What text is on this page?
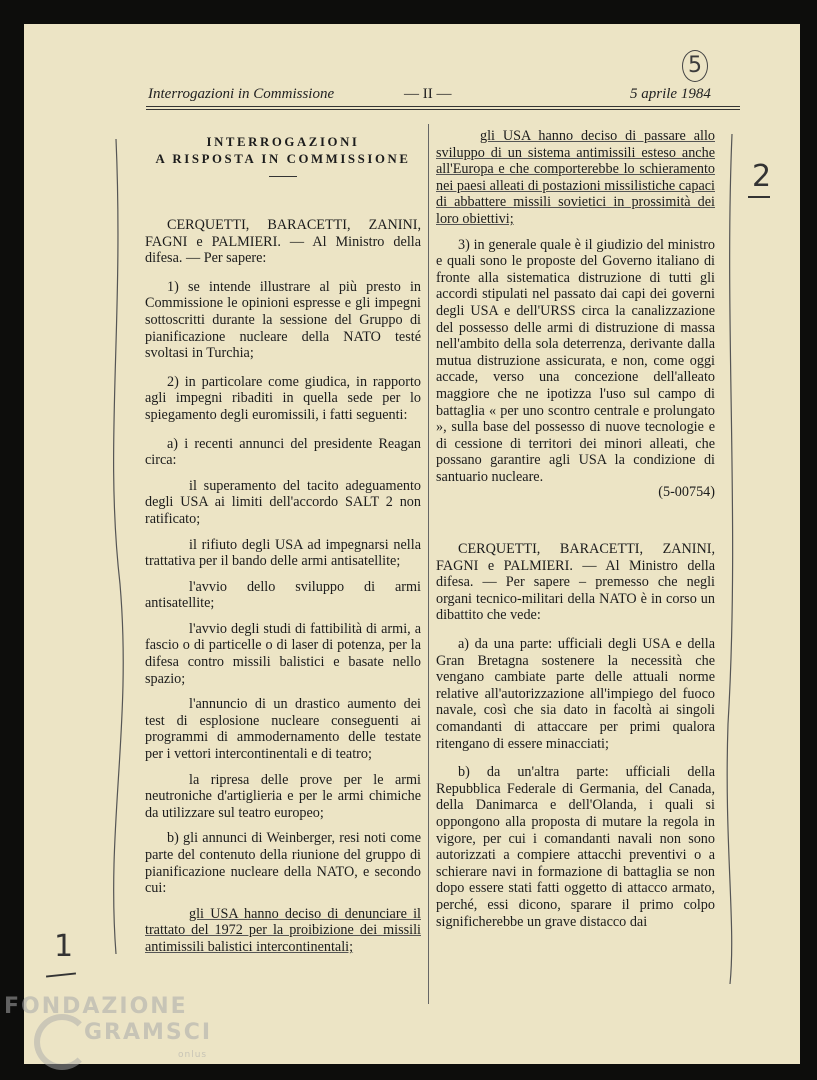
Interrogazioni in Commissione	— II —	5 aprile 1984
5
INTERROGAZIONI
A RISPOSTA IN COMMISSIONE

CERQUETTI, BARACETTI, ZANINI, FAGNI e PALMIERI. — Al Ministro della difesa. — Per sapere:

1) se intende illustrare al più presto in Commissione le opinioni espresse e gli impegni sottoscritti durante la sessione del Gruppo di pianificazione nucleare della NATO testé svoltasi in Turchia;

2) in particolare come giudica, in rapporto agli impegni ribaditi in quella sede per lo spiegamento degli euromissili, i fatti seguenti:

a) i recenti annunci del presidente Reagan circa:

il superamento del tacito adeguamento degli USA ai limiti dell'accordo SALT 2 non ratificato;

il rifiuto degli USA ad impegnarsi nella trattativa per il bando delle armi antisatellite;

l'avvio dello sviluppo di armi antisatellite;

l'avvio degli studi di fattibilità di armi, a fascio o di particelle o di laser di potenza, per la difesa contro missili balistici e basate nello spazio;

l'annuncio di un drastico aumento dei test di esplosione nucleare conseguenti ai programmi di ammodernamento delle testate per i vettori intercontinentali e di teatro;

la ripresa delle prove per le armi neutroniche d'artiglieria e per le armi chimiche da utilizzare sul teatro europeo;

b) gli annunci di Weinberger, resi noti come parte del contenuto della riunione del gruppo di pianificazione nucleare della NATO, e secondo cui:

gli USA hanno deciso di denunciare il trattato del 1972 per la proibizione dei missili antimissili balistici intercontinentali;

gli USA hanno deciso di passare allo sviluppo di un sistema antimissili esteso anche all'Europa e che comporterebbe lo schieramento nei paesi alleati di postazioni missilistiche capaci di abbattere missili sovietici in prossimità dei loro obiettivi;

3) in generale quale è il giudizio del ministro e quali sono le proposte del Governo italiano di fronte alla sistematica distruzione di tutti gli accordi stipulati nel passato dai capi dei governi degli USA e dell'URSS circa la canalizzazione del possesso delle armi di distruzione di massa nell'ambito della sola deterrenza, derivante dalla mutua distruzione assicurata, e non, come oggi accade, verso una concezione dell'alleato maggiore che ne ipotizza l'uso sul campo di battaglia « per uno scontro centrale e prolungato », sulla base del possesso di nuove tecnologie e di cessione di territori dei minori alleati, che possano garantire agli USA la condizione di santuario nucleare.

(5-00754)

CERQUETTI, BARACETTI, ZANINI, FAGNI e PALMIERI. — Al Ministro della difesa. — Per sapere – premesso che negli organi tecnico-militari della NATO è in corso un dibattito che vede:

a) da una parte: ufficiali degli USA e della Gran Bretagna sostenere la necessità che vengano cambiate parte delle attuali norme relative all'autorizzazione all'impiego del fuoco navale, così che sia dato in facoltà ai singoli comandanti di attaccare per primi qualora ritengano di essere minacciati;

b) da un'altra parte: ufficiali della Repubblica Federale di Germania, del Canada, della Danimarca e dell'Olanda, i quali si oppongono alla proposta di mutare la regola in vigore, per cui i comandanti navali non sono autorizzati a compiere attacchi preventivi o a schierare navi in formazione di battaglia se non dopo essere stati fatti oggetto di attacco armato, perché, essi dicono, sparare il primo colpo significherebbe un grave distacco dai

1
2
FONDAZIONE
GRAMSCI
onlus
